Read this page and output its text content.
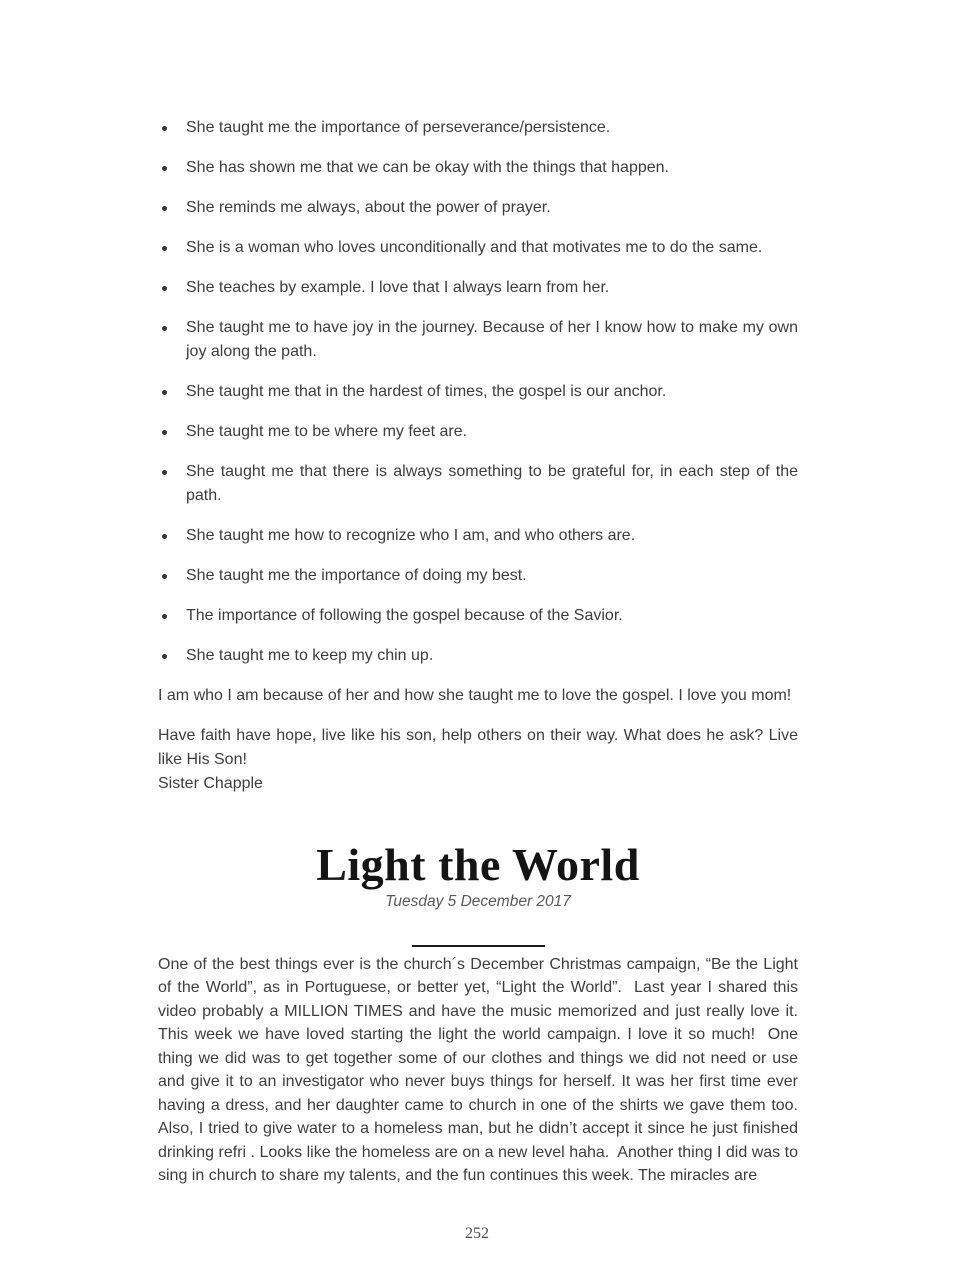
She taught me the importance of perseverance/persistence.
She has shown me that we can be okay with the things that happen.
She reminds me always, about the power of prayer.
She is a woman who loves unconditionally and that motivates me to do the same.
She teaches by example. I love that I always learn from her.
She taught me to have joy in the journey. Because of her I know how to make my own joy along the path.
She taught me that in the hardest of times, the gospel is our anchor.
She taught me to be where my feet are.
She taught me that there is always something to be grateful for, in each step of the path.
She taught me how to recognize who I am, and who others are.
She taught me the importance of doing my best.
The importance of following the gospel because of the Savior.
She taught me to keep my chin up.

I am who I am because of her and how she taught me to love the gospel. I love you mom!

Have faith have hope, live like his son, help others on their way. What does he ask? Live like His Son!
Sister Chapple

Light the World
Tuesday 5 December 2017

One of the best things ever is the church´s December Christmas campaign, “Be the Light of the World”, as in Portuguese, or better yet, “Light the World”.  Last year I shared this video probably a MILLION TIMES and have the music memorized and just really love it. This week we have loved starting the light the world campaign. I love it so much!  One thing we did was to get together some of our clothes and things we did not need or use and give it to an investigator who never buys things for herself. It was her first time ever having a dress, and her daughter came to church in one of the shirts we gave them too. Also, I tried to give water to a homeless man, but he didn’t accept it since he just finished drinking refri . Looks like the homeless are on a new level haha.  Another thing I did was to sing in church to share my talents, and the fun continues this week. The miracles are

252
